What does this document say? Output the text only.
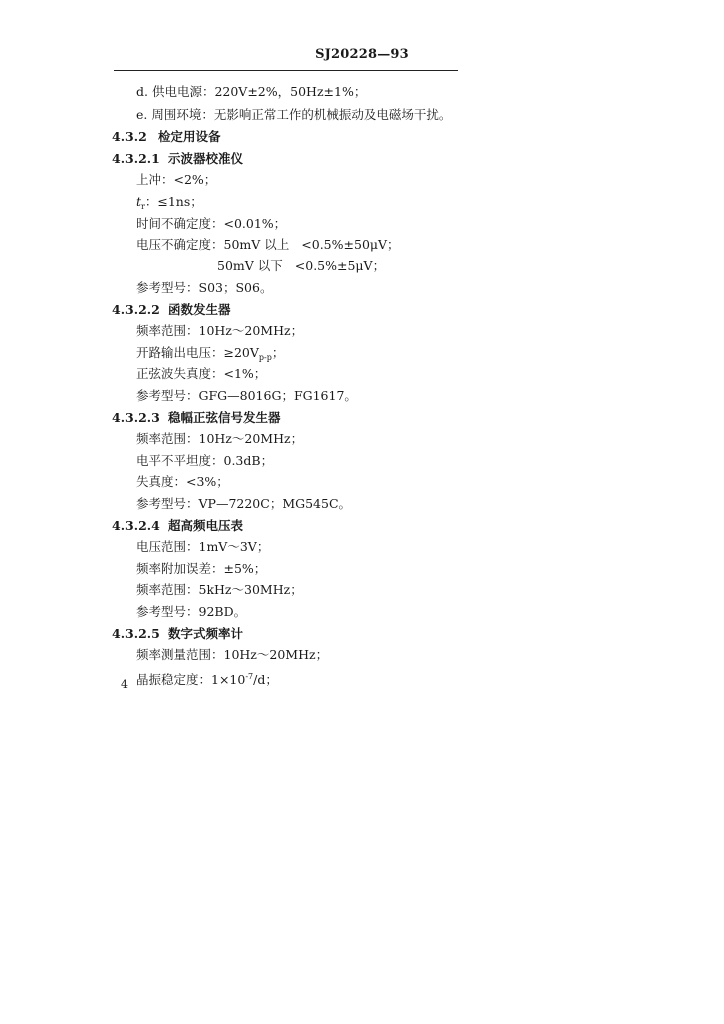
SJ20228—93
d. 供电电源：220V±2%，50Hz±1%；
e. 周围环境：无影响正常工作的机械振动及电磁场干扰。
4.3.2 检定用设备
4.3.2.1 示波器校准仪
上冲：<2%；
$t_r$：≤1ns；
时间不确定度：<0.01%；
电压不确定度：50mV 以上 <0.5%±50μV；
50mV 以下 <0.5%±5μV；
参考型号：S03；S06。
4.3.2.2 函数发生器
频率范围：10Hz～20MHz；
开路输出电压：$\ge 20V_{p-p}$；
正弦波失真度：<1%；
参考型号：GFG—8016G；FG1617。
4.3.2.3 稳幅正弦信号发生器
频率范围：10Hz～20MHz；
电平不平坦度：0.3dB；
失真度：<3%；
参考型号：VP—7220C；MG545C。
4.3.2.4 超高频电压表
电压范围：1mV～3V；
频率附加误差：±5%；
频率范围：5kHz～30MHz；
参考型号：92BD。
4.3.2.5 数字式频率计
频率测量范围：10Hz～20MHz；
晶振稳定度：$1\times 10^{-7}/d$；
4
